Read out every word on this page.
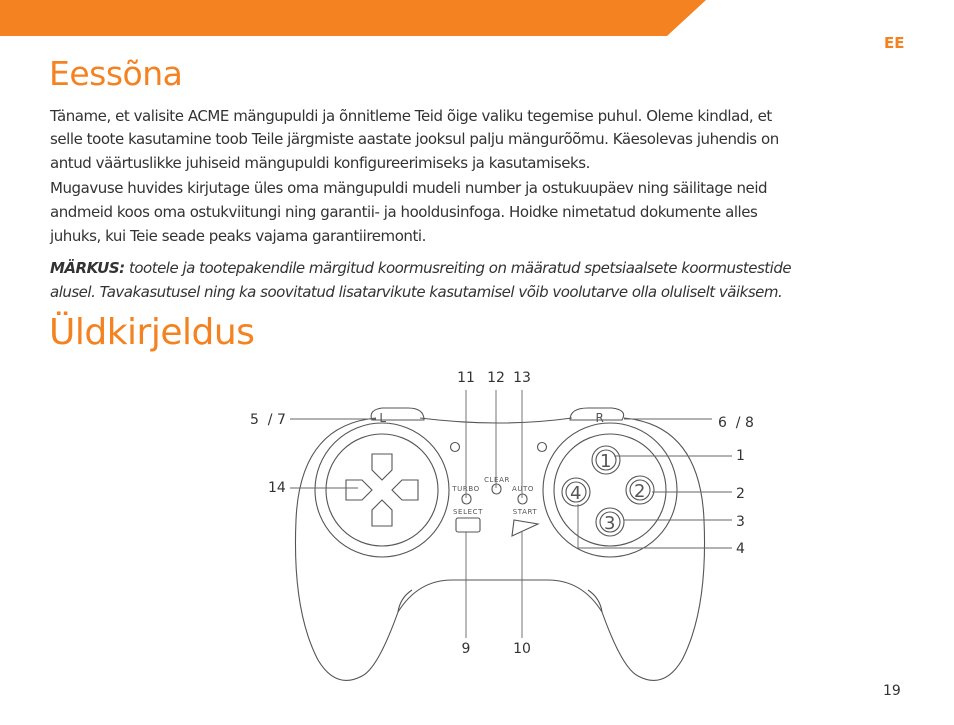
EE
Eessõna

Täname, et valisite ACME mängupuldi ja õnnitleme Teid õige valiku tegemise puhul. Oleme kindlad, et

selle toote kasutamine toob Teile järgmiste aastate jooksul palju mängurõõmu. Käesolevas juhendis on

antud väärtuslikke juhiseid mängupuldi konfigureerimiseks ja kasutamiseks.

Mugavuse huvides kirjutage üles oma mängupuldi mudeli number ja ostukuupäev ning säilitage neid

andmeid koos oma ostukviitungi ning garantii- ja hooldusinfoga. Hoidke nimetatud dokumente alles

juhuks, kui Teie seade peaks vajama garantiiremonti.

MÄRKUS: tootele ja tootepakendile märgitud koormusreiting on määratud spetsiaalsete koormustestide
alusel. Tavakasutusel ning ka soovitatud lisatarvikute kasutamisel võib voolutarve olla oluliselt väiksem.

Üldkirjeldus
L	R
CLEAR
TURBO	AUTO
SELECT	START
1
2
3
4
11 12 13
5  / 7	6  / 8
14
1
2
3
4
9	10
19
